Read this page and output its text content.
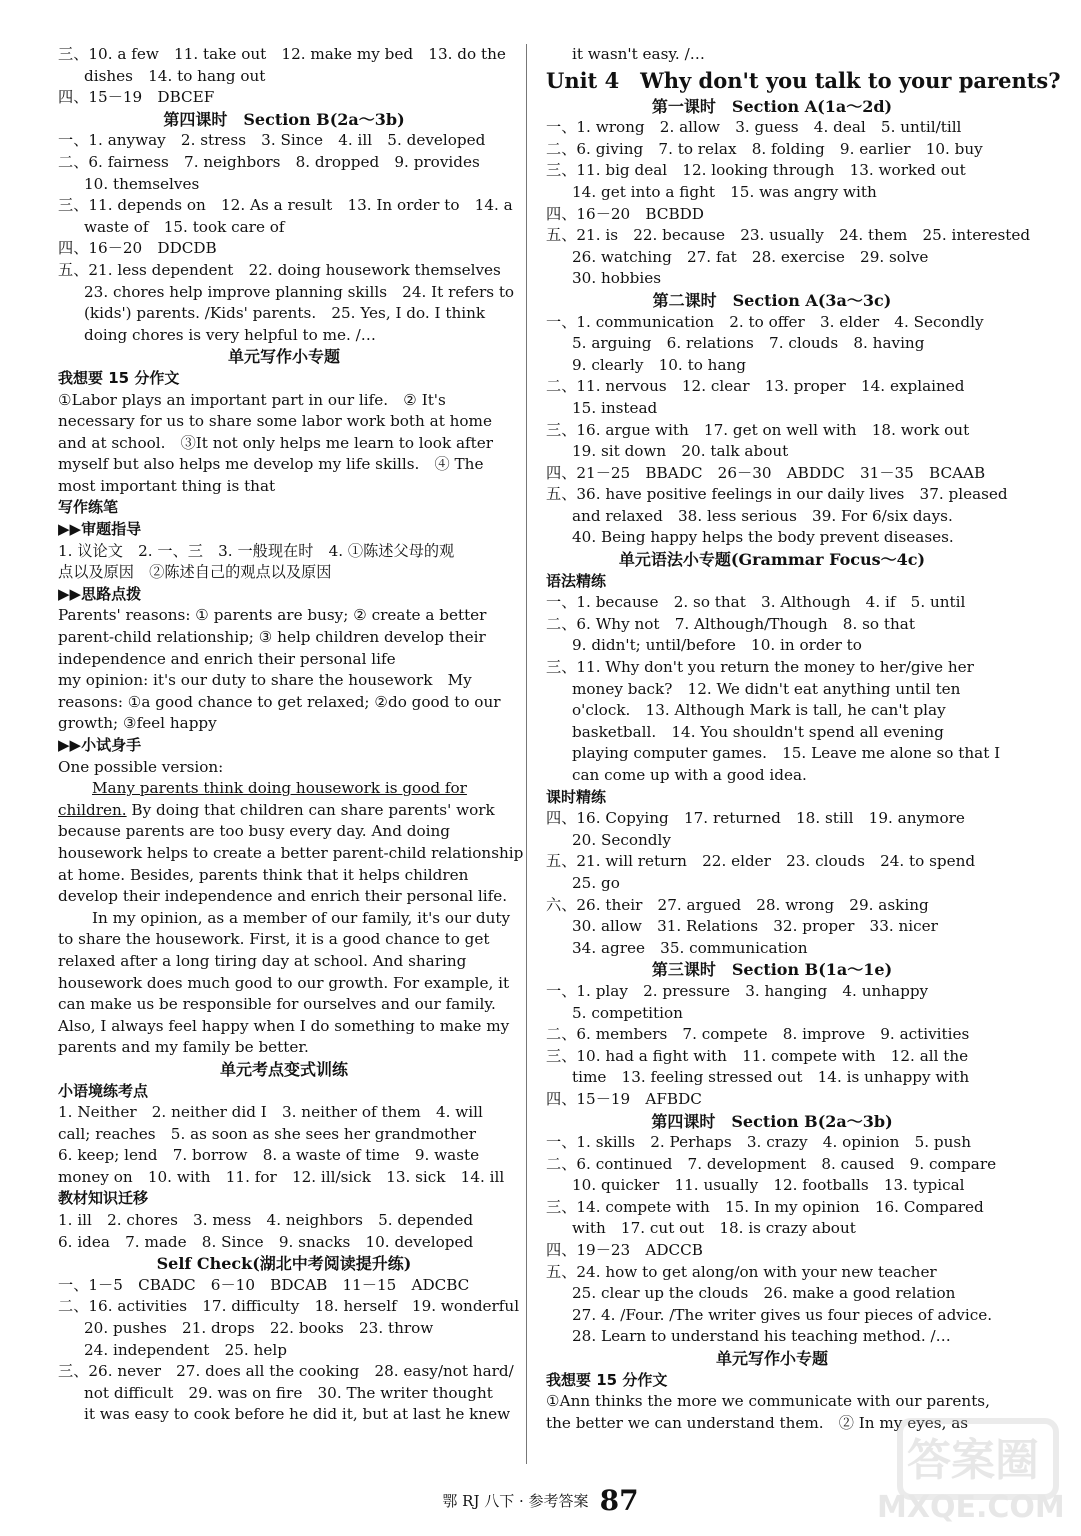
三、10. a few　11. take out　12. make my bed　13. do the
dishes　14. to hang out
四、15－19　DBCEF
第四课时　Section B(2a～3b)
一、1. anyway　2. stress　3. Since　4. ill　5. developed
二、6. fairness　7. neighbors　8. dropped　9. provides
10. themselves
三、11. depends on　12. As a result　13. In order to　14. a
waste of　15. took care of
四、16－20　DDCDB
五、21. less dependent　22. doing housework themselves
23. chores help improve planning skills　24. It refers to
(kids') parents. /Kids' parents.　25. Yes, I do. I think
doing chores is very helpful to me. /…
单元写作小专题
我想要 15 分作文
①Labor plays an important part in our life.　② It's
necessary for us to share some labor work both at home
and at school.　③It not only helps me learn to look after
myself but also helps me develop my life skills.　④ The
most important thing is that
写作练笔
▶▶审题指导
1. 议论文　2. 一、三　3. 一般现在时　4. ①陈述父母的观
点以及原因　②陈述自己的观点以及原因
▶▶思路点拨
Parents' reasons: ① parents are busy; ② create a better
parent-child relationship; ③ help children develop their
independence and enrich their personal life
my opinion: it's our duty to share the housework　My
reasons: ①a good chance to get relaxed; ②do good to our
growth; ③feel happy
▶▶小试身手
One possible version:
Many parents think doing housework is good for
children. By doing that children can share parents' work
because parents are too busy every day. And doing
housework helps to create a better parent-child relationship
at home. Besides, parents think that it helps children
develop their independence and enrich their personal life.
In my opinion, as a member of our family, it's our duty
to share the housework. First, it is a good chance to get
relaxed after a long tiring day at school. And sharing
housework does much good to our growth. For example, it
can make us be responsible for ourselves and our family.
Also, I always feel happy when I do something to make my
parents and my family be better.
单元考点变式训练
小语境练考点
1. Neither　2. neither did I　3. neither of them　4. will
call; reaches　5. as soon as she sees her grandmother
6. keep; lend　7. borrow　8. a waste of time　9. waste
money on　10. with　11. for　12. ill/sick　13. sick　14. ill
教材知识迁移
1. ill　2. chores　3. mess　4. neighbors　5. depended
6. idea　7. made　8. Since　9. snacks　10. developed
Self Check(湖北中考阅读提升练)
一、1－5　CBADC　6－10　BDCAB　11－15　ADCBC
二、16. activities　17. difficulty　18. herself　19. wonderful
20. pushes　21. drops　22. books　23. throw
24. independent　25. help
三、26. never　27. does all the cooking　28. easy/not hard/
not difficult　29. was on fire　30. The writer thought
it was easy to cook before he did it, but at last he knew
it wasn't easy. /…
Unit 4　Why don't you talk to your parents?
第一课时　Section A(1a～2d)
一、1. wrong　2. allow　3. guess　4. deal　5. until/till
二、6. giving　7. to relax　8. folding　9. earlier　10. buy
三、11. big deal　12. looking through　13. worked out
14. get into a fight　15. was angry with
四、16－20　BCBDD
五、21. is　22. because　23. usually　24. them　25. interested
26. watching　27. fat　28. exercise　29. solve
30. hobbies
第二课时　Section A(3a～3c)
一、1. communication　2. to offer　3. elder　4. Secondly
5. arguing　6. relations　7. clouds　8. having
9. clearly　10. to hang
二、11. nervous　12. clear　13. proper　14. explained
15. instead
三、16. argue with　17. get on well with　18. work out
19. sit down　20. talk about
四、21－25　BBADC　26－30　ABDDC　31－35　BCAAB
五、36. have positive feelings in our daily lives　37. pleased
and relaxed　38. less serious　39. For 6/six days.
40. Being happy helps the body prevent diseases.
单元语法小专题(Grammar Focus～4c)
语法精练
一、1. because　2. so that　3. Although　4. if　5. until
二、6. Why not　7. Although/Though　8. so that
9. didn't; until/before　10. in order to
三、11. Why don't you return the money to her/give her
money back?　12. We didn't eat anything until ten
o'clock.　13. Although Mark is tall, he can't play
basketball.　14. You shouldn't spend all evening
playing computer games.　15. Leave me alone so that I
can come up with a good idea.
课时精练
四、16. Copying　17. returned　18. still　19. anymore
20. Secondly
五、21. will return　22. elder　23. clouds　24. to spend
25. go
六、26. their　27. argued　28. wrong　29. asking
30. allow　31. Relations　32. proper　33. nicer
34. agree　35. communication
第三课时　Section B(1a～1e)
一、1. play　2. pressure　3. hanging　4. unhappy
5. competition
二、6. members　7. compete　8. improve　9. activities
三、10. had a fight with　11. compete with　12. all the
time　13. feeling stressed out　14. is unhappy with
四、15－19　AFBDC
第四课时　Section B(2a～3b)
一、1. skills　2. Perhaps　3. crazy　4. opinion　5. push
二、6. continued　7. development　8. caused　9. compare
10. quicker　11. usually　12. footballs　13. typical
三、14. compete with　15. In my opinion　16. Compared
with　17. cut out　18. is crazy about
四、19－23　ADCCB
五、24. how to get along/on with your new teacher
25. clear up the clouds　26. make a good relation
27. 4. /Four. /The writer gives us four pieces of advice.
28. Learn to understand his teaching method. /…
单元写作小专题
我想要 15 分作文
①Ann thinks the more we communicate with our parents,
the better we can understand them.　② In my eyes, as
鄂 RJ 八下 · 参考答案 87
答案圈
MXQE.COM
